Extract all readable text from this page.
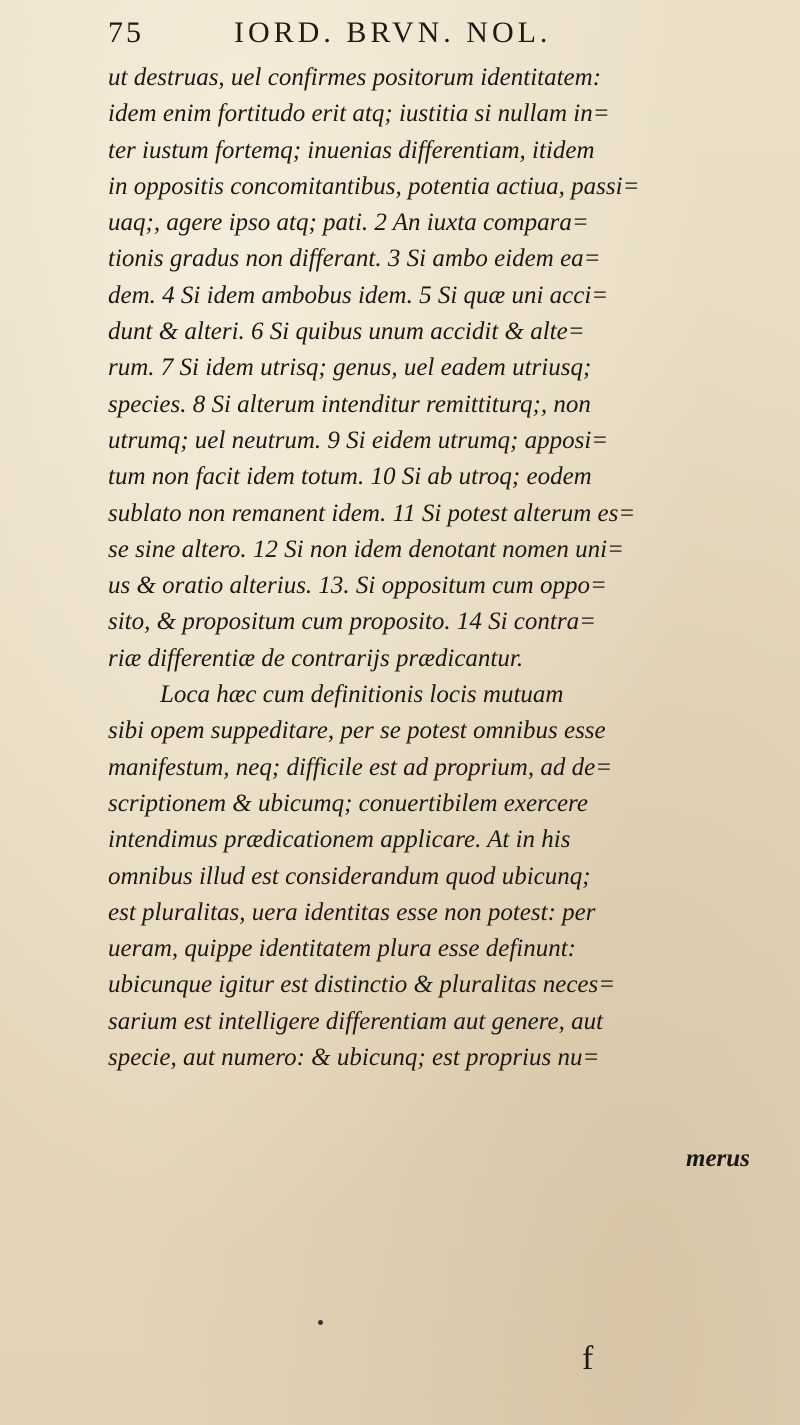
75	IORD. BRVN. NOL.
ut destruas, uel confirmes positorum identitatem:
idem enim fortitudo erit atq; iustitia si nullam in=
ter iustum fortemq; inuenias differentiam, itidem
in oppositis concomitantibus, potentia actiua, passi=
uaq;, agere ipso atq; pati. 2 An iuxta compara=
tionis gradus non differant. 3 Si ambo eidem ea=
dem. 4 Si idem ambobus idem. 5 Si quæ uni acci=
dunt & alteri. 6 Si quibus unum accidit & alte=
rum. 7 Si idem utrisq; genus, uel eadem utriusq;
species. 8 Si alterum intenditur remittiturq;, non
utrumq; uel neutrum. 9 Si eidem utrumq; apposi=
tum non facit idem totum. 10 Si ab utroq; eodem
sublato non remanent idem. 11 Si potest alterum es=
se sine altero. 12 Si non idem denotant nomen uni=
us & oratio alterius. 13. Si oppositum cum oppo=
sito, & propositum cum proposito. 14 Si contra=
riæ differentiæ de contrarijs prædicantur.
Loca hæc cum definitionis locis mutuam
sibi opem suppeditare, per se potest omnibus esse
manifestum, neq; difficile est ad proprium, ad de=
scriptionem & ubicumq; conuertibilem exercere
intendimus prædicationem applicare. At in his
omnibus illud est considerandum quod ubicunq;
est pluralitas, uera identitas esse non potest: per
ueram, quippe identitatem plura esse definunt:
ubicunque igitur est distinctio & pluralitas neces=
sarium est intelligere differentiam aut genere, aut
specie, aut numero: & ubicunq; est proprius nu=
merus
f
